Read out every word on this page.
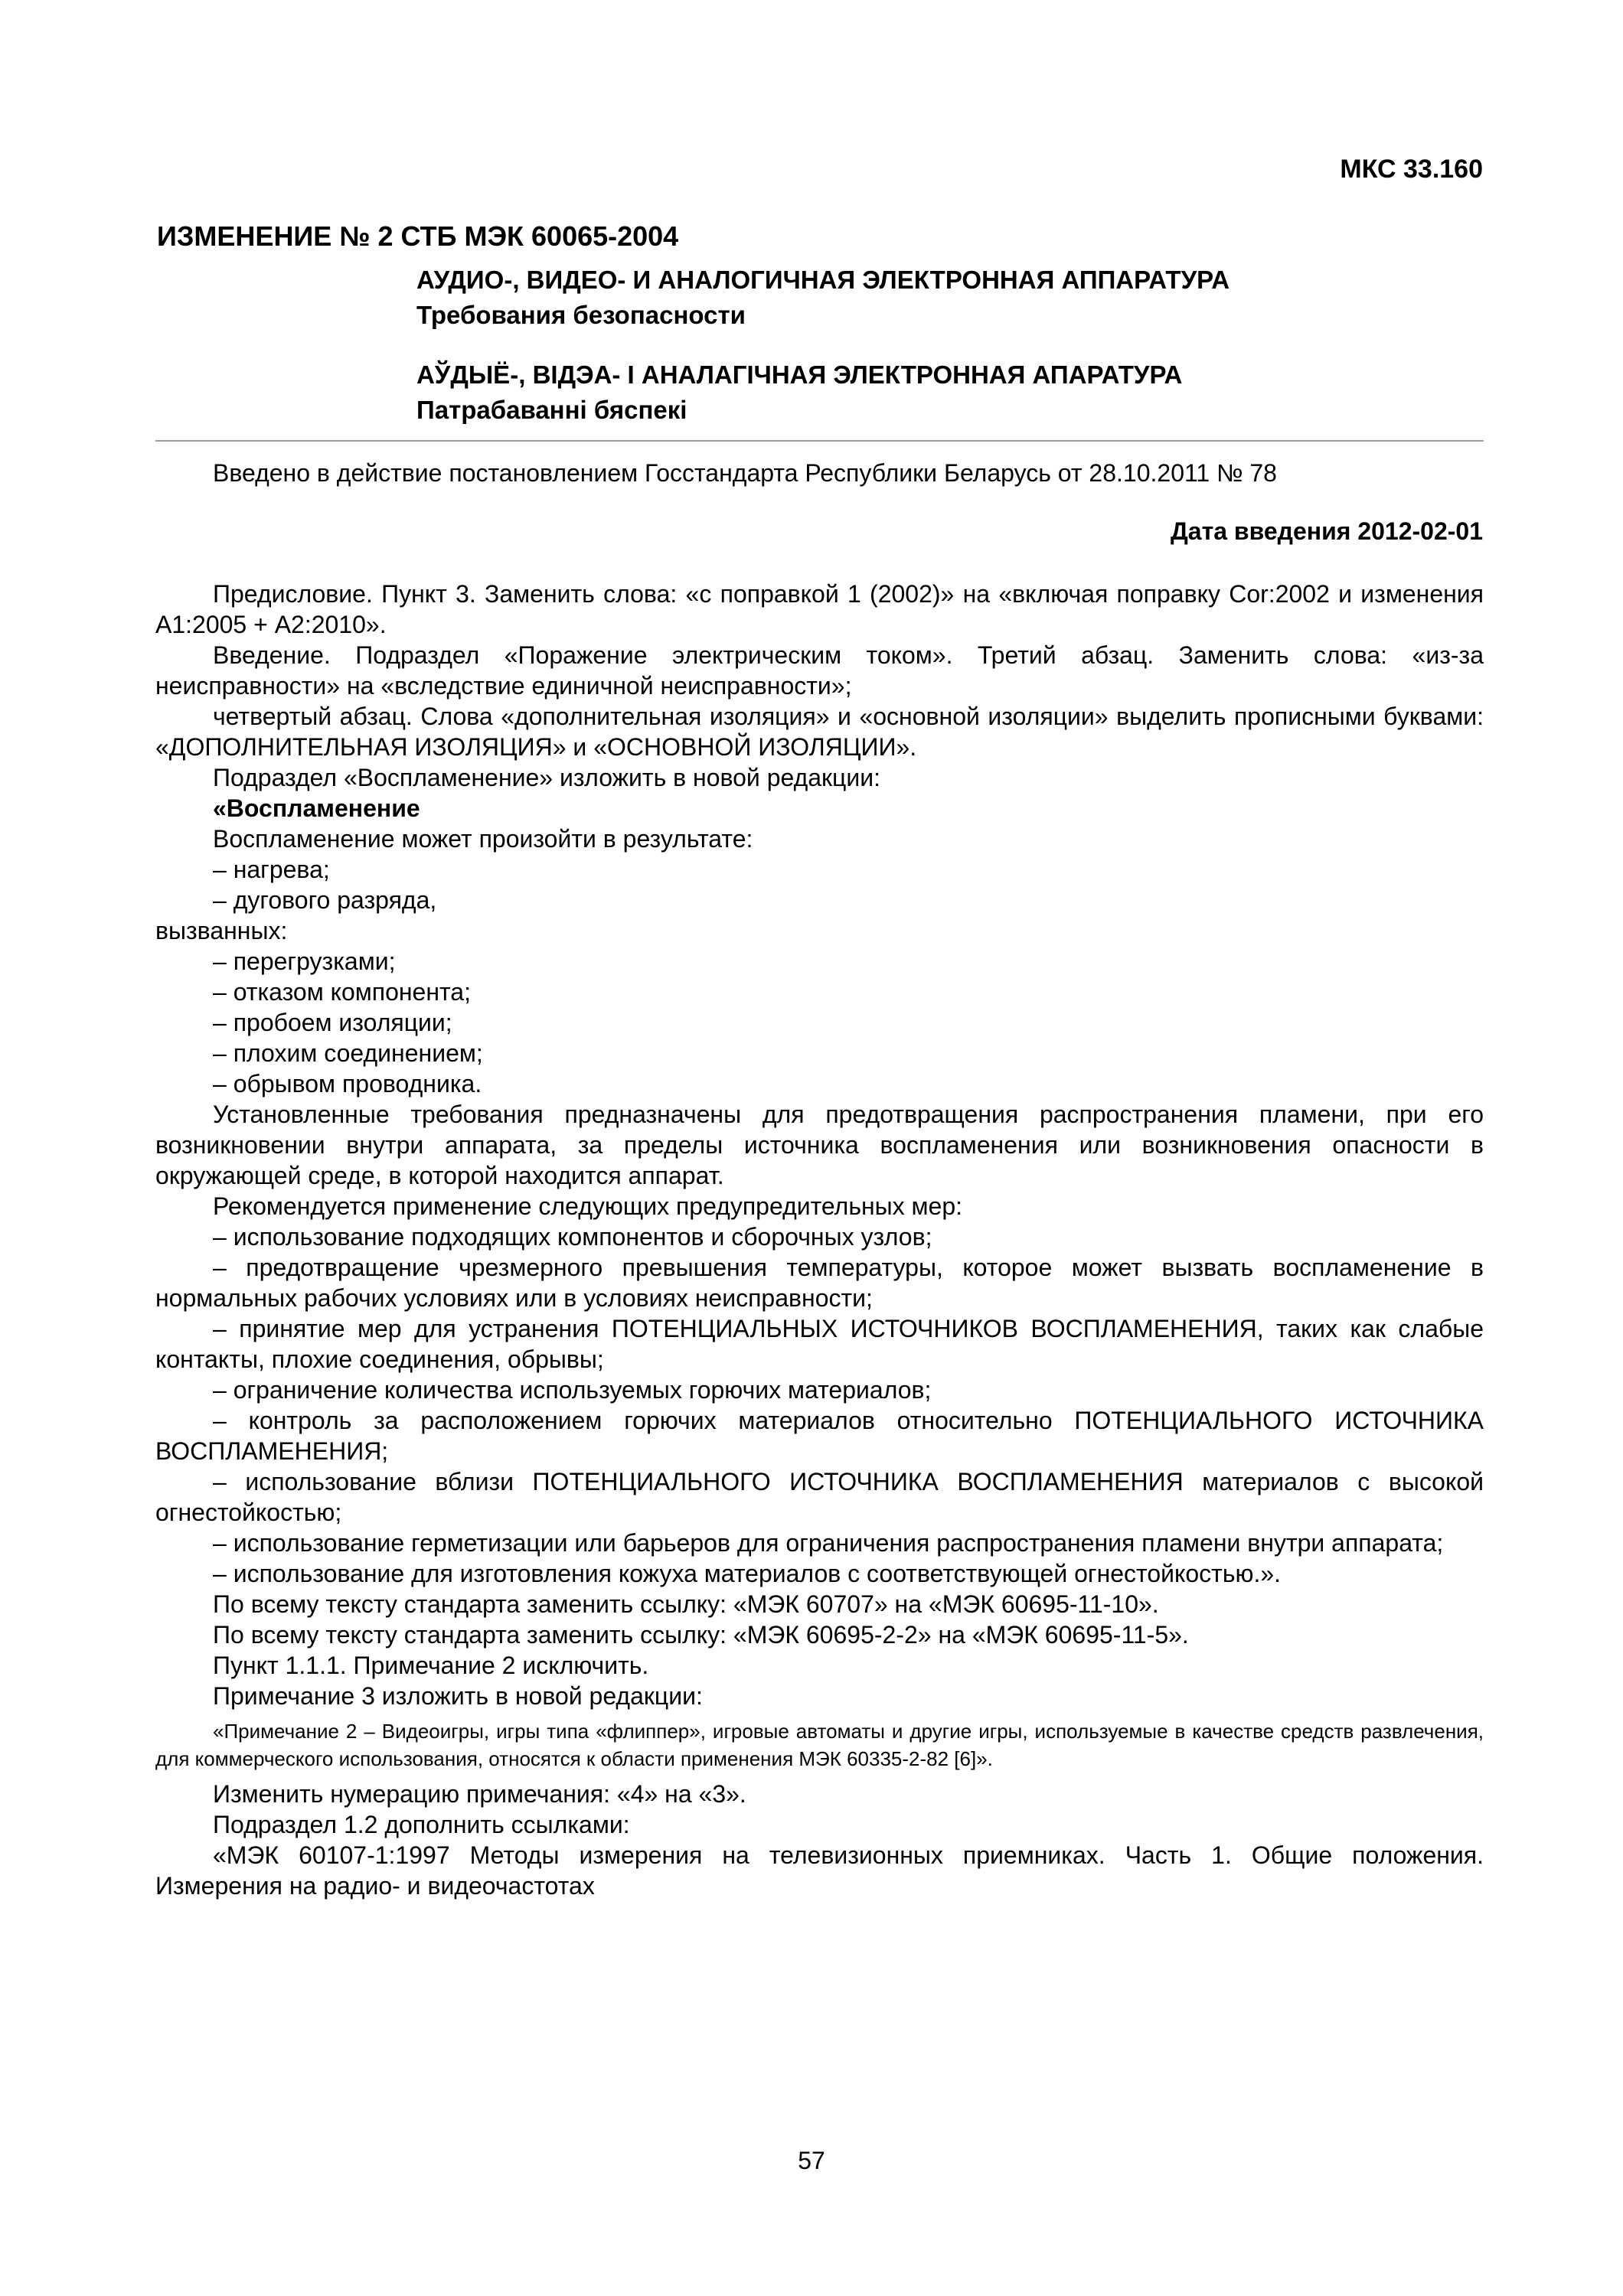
МКС 33.160
ИЗМЕНЕНИЕ № 2 СТБ МЭК 60065-2004
АУДИО-, ВИДЕО- И АНАЛОГИЧНАЯ ЭЛЕКТРОННАЯ АППАРАТУРА
Требования безопасности
АЎДЫЁ-, ВІДЭА- І АНАЛАГІЧНАЯ ЭЛЕКТРОННАЯ АПАРАТУРА
Патрабаванні бяспекі
Введено в действие постановлением Госстандарта Республики Беларусь от 28.10.2011 № 78
Дата введения 2012-02-01

Предисловие. Пункт 3. Заменить слова: «с поправкой 1 (2002)» на «включая поправку Cor:2002 и изменения А1:2005 + А2:2010».

Введение. Подраздел «Поражение электрическим током». Третий абзац. Заменить слова: «из-за неисправности» на «вследствие единичной неисправности»;

четвертый абзац. Слова «дополнительная изоляция» и «основной изоляции» выделить прописными буквами: «ДОПОЛНИТЕЛЬНАЯ ИЗОЛЯЦИЯ» и «ОСНОВНОЙ ИЗОЛЯЦИИ».

Подраздел «Воспламенение» изложить в новой редакции:

«Воспламенение

Воспламенение может произойти в результате:

– нагрева;

– дугового разряда,

вызванных:

– перегрузками;

– отказом компонента;

– пробоем изоляции;

– плохим соединением;

– обрывом проводника.

Установленные требования предназначены для предотвращения распространения пламени, при его возникновении внутри аппарата, за пределы источника воспламенения или возникновения опасности в окружающей среде, в которой находится аппарат.

Рекомендуется применение следующих предупредительных мер:

– использование подходящих компонентов и сборочных узлов;

– предотвращение чрезмерного превышения температуры, которое может вызвать воспламенение в нормальных рабочих условиях или в условиях неисправности;

– принятие мер для устранения ПОТЕНЦИАЛЬНЫХ ИСТОЧНИКОВ ВОСПЛАМЕНЕНИЯ, таких как слабые контакты, плохие соединения, обрывы;

– ограничение количества используемых горючих материалов;

– контроль за расположением горючих материалов относительно ПОТЕНЦИАЛЬНОГО ИСТОЧНИКА ВОСПЛАМЕНЕНИЯ;

– использование вблизи ПОТЕНЦИАЛЬНОГО ИСТОЧНИКА ВОСПЛАМЕНЕНИЯ материалов с высокой огнестойкостью;

– использование герметизации или барьеров для ограничения распространения пламени внутри аппарата;

– использование для изготовления кожуха материалов с соответствующей огнестойкостью.».

По всему тексту стандарта заменить ссылку: «МЭК 60707» на «МЭК 60695-11-10».

По всему тексту стандарта заменить ссылку: «МЭК 60695-2-2» на «МЭК 60695-11-5».

Пункт 1.1.1. Примечание 2 исключить.

Примечание 3 изложить в новой редакции:

«Примечание 2 – Видеоигры, игры типа «флиппер», игровые автоматы и другие игры, используемые в качестве средств развлечения, для коммерческого использования, относятся к области применения МЭК 60335-2-82 [6]».

Изменить нумерацию примечания: «4» на «3».

Подраздел 1.2 дополнить ссылками:

«МЭК 60107-1:1997 Методы измерения на телевизионных приемниках. Часть 1. Общие положения. Измерения на радио- и видеочастотах

57
